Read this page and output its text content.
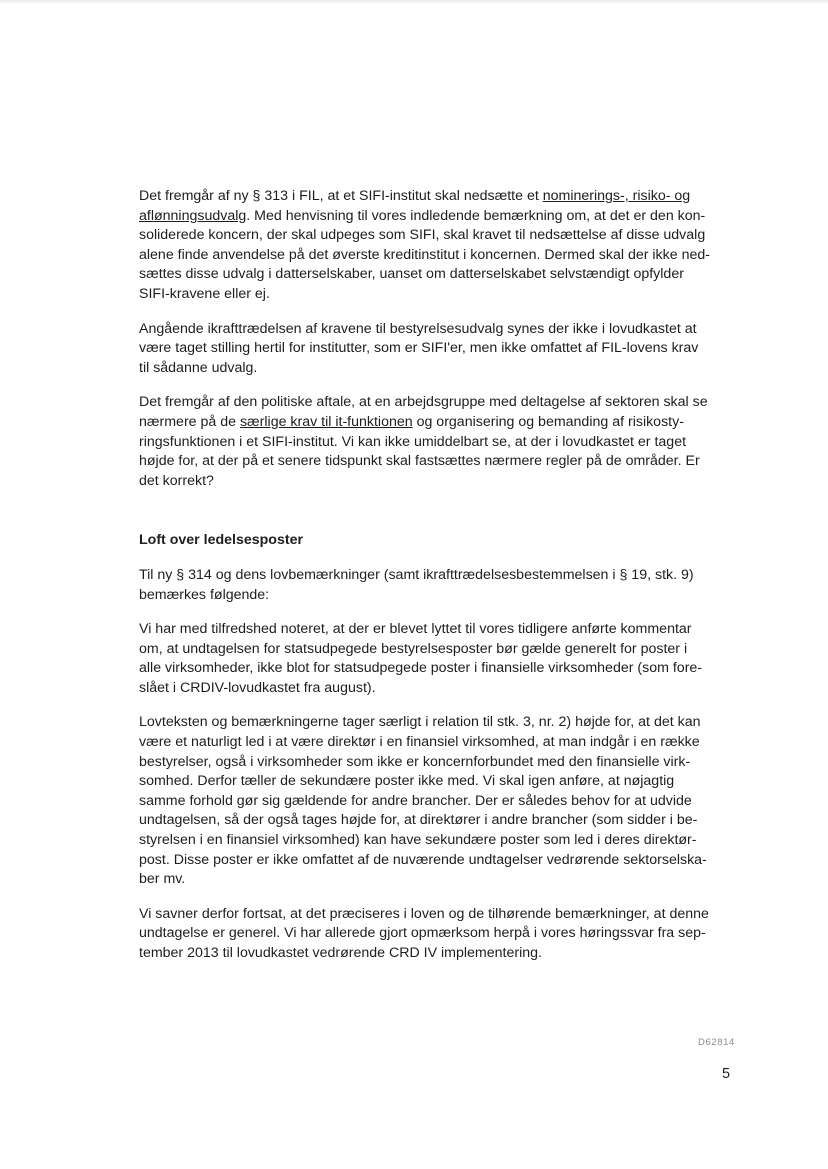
Det fremgår af ny § 313 i FIL, at et SIFI-institut skal nedsætte et nominerings-, risiko- og
aflønningsudvalg. Med henvisning til vores indledende bemærkning om, at det er den kon-
soliderede koncern, der skal udpeges som SIFI, skal kravet til nedsættelse af disse udvalg
alene finde anvendelse på det øverste kreditinstitut i koncernen. Dermed skal der ikke ned-
sættes disse udvalg i datterselskaber, uanset om datterselskabet selvstændigt opfylder
SIFI-kravene eller ej.

Angående ikrafttrædelsen af kravene til bestyrelsesudvalg synes der ikke i lovudkastet at
være taget stilling hertil for institutter, som er SIFI'er, men ikke omfattet af FIL-lovens krav
til sådanne udvalg.

Det fremgår af den politiske aftale, at en arbejdsgruppe med deltagelse af sektoren skal se
nærmere på de særlige krav til it-funktionen og organisering og bemanding af risikosty-
ringsfunktionen i et SIFI-institut. Vi kan ikke umiddelbart se, at der i lovudkastet er taget
højde for, at der på et senere tidspunkt skal fastsættes nærmere regler på de områder. Er
det korrekt?

Loft over ledelsesposter

Til ny § 314 og dens lovbemærkninger (samt ikrafttrædelsesbestemmelsen i § 19, stk. 9)
bemærkes følgende:

Vi har med tilfredshed noteret, at der er blevet lyttet til vores tidligere anførte kommentar
om, at undtagelsen for statsudpegede bestyrelsesposter bør gælde generelt for poster i
alle virksomheder, ikke blot for statsudpegede poster i finansielle virksomheder (som fore-
slået i CRDIV-lovudkastet fra august).

Lovteksten og bemærkningerne tager særligt i relation til stk. 3, nr. 2) højde for, at det kan
være et naturligt led i at være direktør i en finansiel virksomhed, at man indgår i en række
bestyrelser, også i virksomheder som ikke er koncernforbundet med den finansielle virk-
somhed. Derfor tæller de sekundære poster ikke med. Vi skal igen anføre, at nøjagtig
samme forhold gør sig gældende for andre brancher. Der er således behov for at udvide
undtagelsen, så der også tages højde for, at direktører i andre brancher (som sidder i be-
styrelsen i en finansiel virksomhed) kan have sekundære poster som led i deres direktør-
post. Disse poster er ikke omfattet af de nuværende undtagelser vedrørende sektorselska-
ber mv.

Vi savner derfor fortsat, at det præciseres i loven og de tilhørende bemærkninger, at denne
undtagelse er generel. Vi har allerede gjort opmærksom herpå i vores høringssvar fra sep-
tember 2013 til lovudkastet vedrørende CRD IV implementering.

D62814
5
